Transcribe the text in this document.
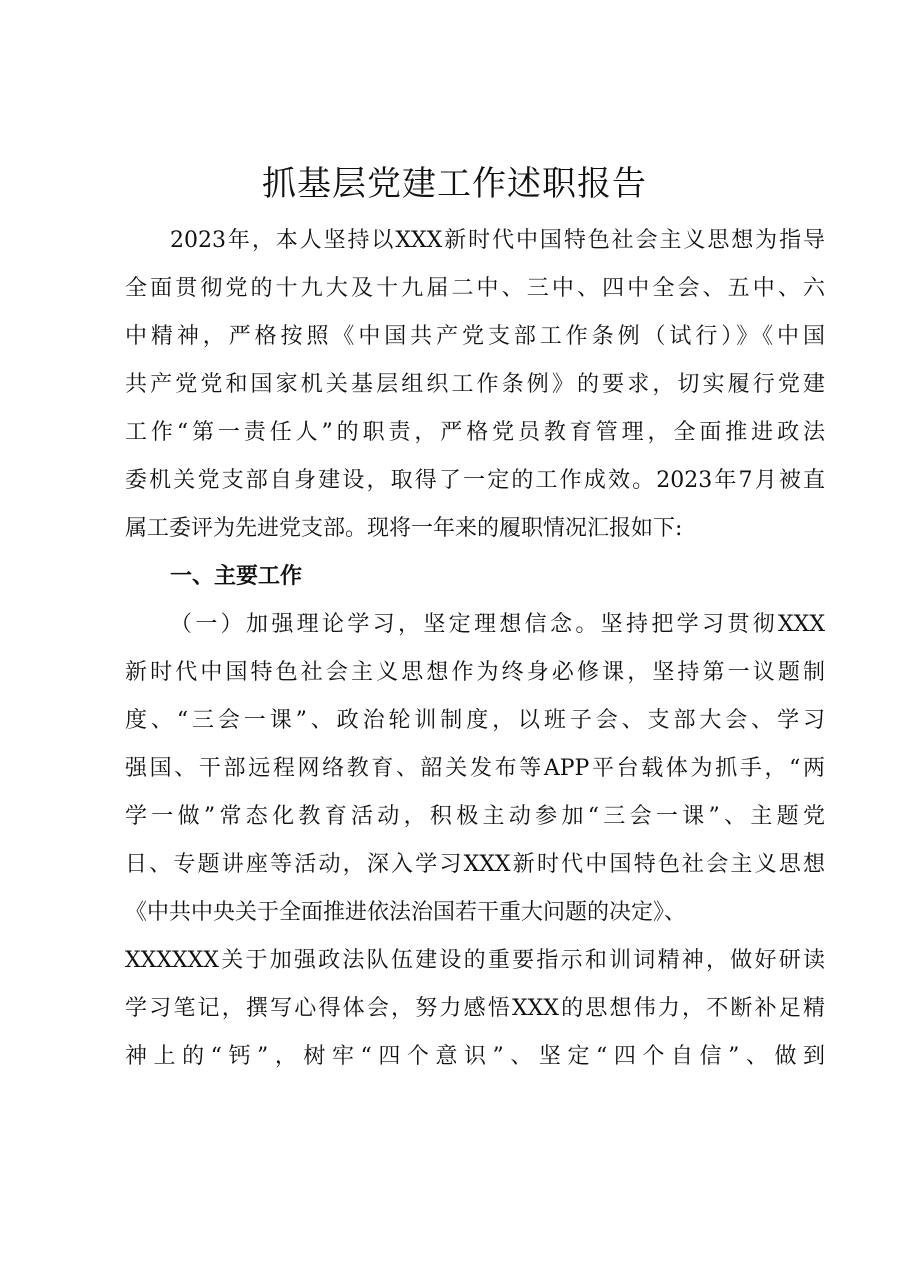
抓基层党建工作述职报告
2023年，本人坚持以XXX新时代中国特色社会主义思想为指导
全面贯彻党的十九大及十九届二中、三中、四中全会、五中、六
中精神，严格按照《中国共产党支部工作条例（试行）》《中国
共产党党和国家机关基层组织工作条例》的要求，切实履行党建
工作“第一责任人”的职责，严格党员教育管理，全面推进政法
委机关党支部自身建设，取得了一定的工作成效。2023年7月被直
属工委评为先进党支部。现将一年来的履职情况汇报如下:
一、主要工作
（一）加强理论学习，坚定理想信念。坚持把学习贯彻XXX
新时代中国特色社会主义思想作为终身必修课，坚持第一议题制
度、“三会一课”、政治轮训制度，以班子会、支部大会、学习
强国、干部远程网络教育、韶关发布等APP平台载体为抓手，“两
学一做”常态化教育活动，积极主动参加“三会一课”、主题党
日、专题讲座等活动，深入学习XXX新时代中国特色社会主义思想
《中共中央关于全面推进依法治国若干重大问题的决定》、
XXXXXX关于加强政法队伍建设的重要指示和训词精神，做好研读
学习笔记，撰写心得体会，努力感悟XXX的思想伟力，不断补足精
神上的“钙”，树牢“四个意识”、坚定“四个自信”、做到
